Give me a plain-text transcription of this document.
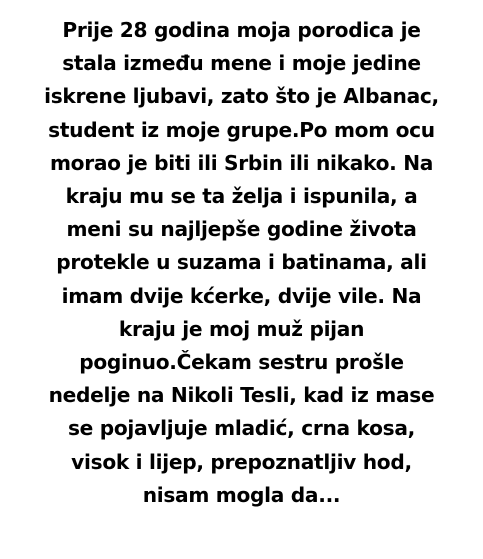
Prije 28 godina moja porodica je
stala između mene i moje jedine
iskrene ljubavi, zato što je Albanac,
student iz moje grupe.Po mom ocu
morao je biti ili Srbin ili nikako. Na
kraju mu se ta želja i ispunila, a
meni su najljepše godine života
protekle u suzama i batinama, ali
imam dvije kćerke, dvije vile. Na
kraju je moj muž pijan
poginuo.Čekam sestru prošle
nedelje na Nikoli Tesli, kad iz mase
se pojavljuje mladić, crna kosa,
visok i lijep, prepoznatljiv hod,
nisam mogla da...
